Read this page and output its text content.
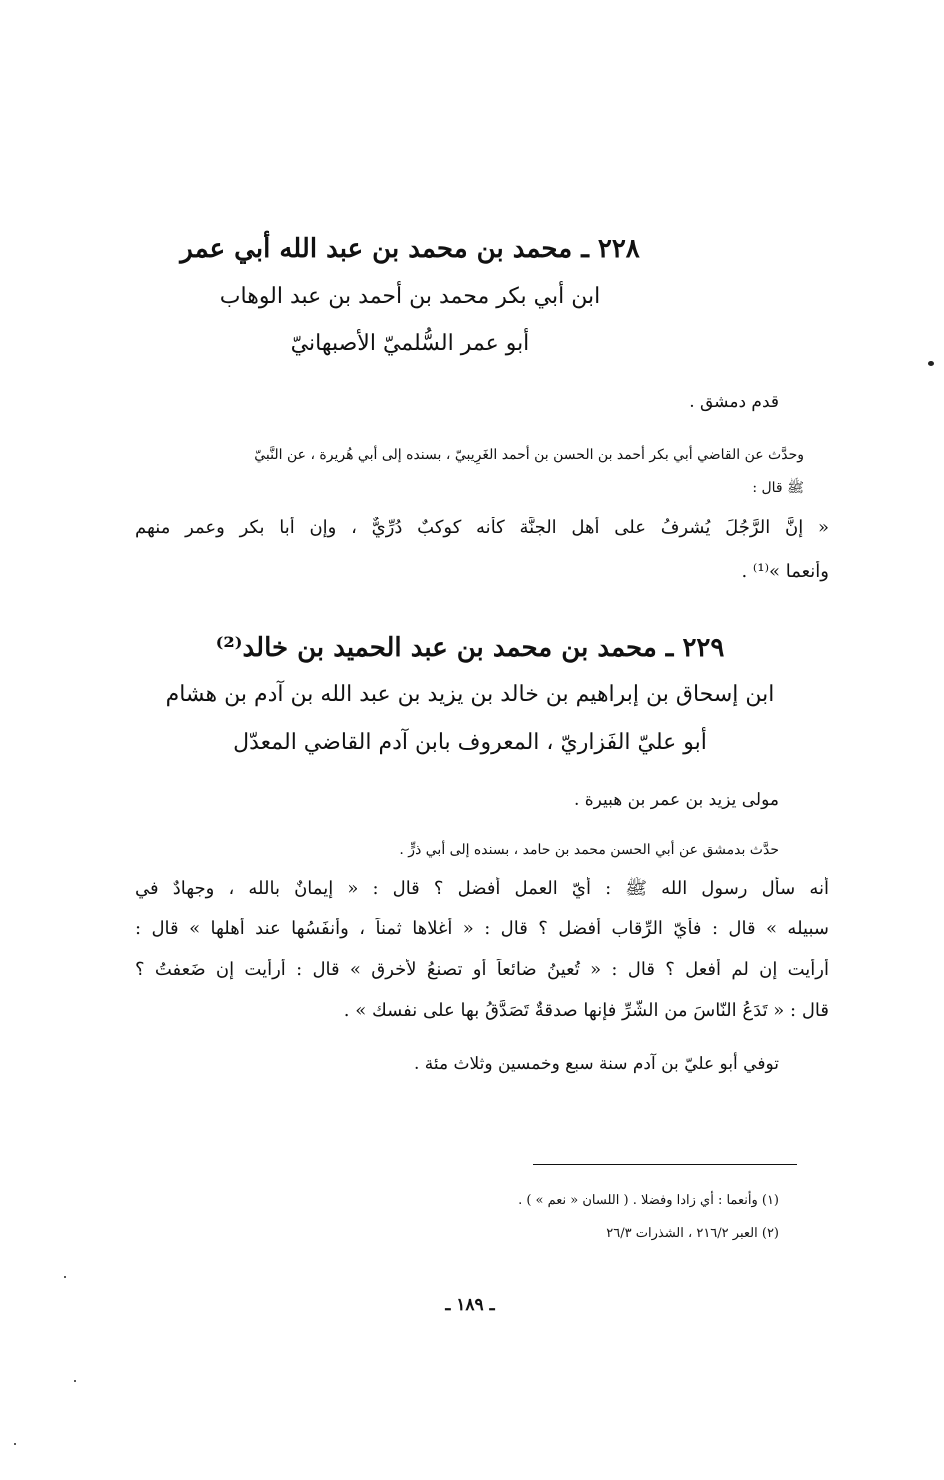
٢٢٨ ـ محمد بن محمد بن عبد الله أبي عمر
ابن أبي بكر محمد بن أحمد بن عبد الوهاب
أبو عمر السُّلميّ الأصبهانيّ
قدم دمشق .
وحدَّث عن القاضي أبي بكر أحمد بن الحسن بن أحمد الغَرِيبيّ ، بسنده إلى أبي هُريرة ، عن النَّبيّ
ﷺ قال :
« إنَّ الرَّجُلَ يُشرفُ على أهل الجنَّة كأنه كوكبٌ دُرِّيٌّ ، وإن أبا بكر وعمر منهم
وأنعما »⁽¹⁾ .
٢٢٩ ـ محمد بن محمد بن عبد الحميد بن خالد⁽²⁾
ابن إسحاق بن إبراهيم بن خالد بن يزيد بن عبد الله بن آدم بن هشام
أبو عليّ الفَزاريّ ، المعروف بابن آدم القاضي المعدّل
مولى يزيد بن عمر بن هبيرة .
حدَّث بدمشق عن أبي الحسن محمد بن حامد ، بسنده إلى أبي ذرٍّ .
أنه سأل رسول الله ﷺ : أيّ العمل أفضل ؟ قال : « إيمانٌ بالله ، وجهادٌ في
سبيله » قال : فأيّ الرِّقاب أفضل ؟ قال : « أغلاها ثمناً ، وأنفَسُها عند أهلها » قال :
أرأيت إن لم أفعل ؟ قال : « تُعينُ ضائعاً أو تصنعُ لأخرق » قال : أرأيت إن ضَعفتُ ؟
قال : « تَدَعُ النّاسَ من الشَّرِّ فإنها صدقةٌ تَصَدَّقُ بها على نفسك » .
توفي أبو عليّ بن آدم سنة سبع وخمسين وثلاث مئة .
(١) وأنعما : أي زادا وفضلا . ( اللسان « نعم » ) .
(٢) العبر ٢١٦/٢ ، الشذرات ٢٦/٣
ـ ١٨٩ ـ
